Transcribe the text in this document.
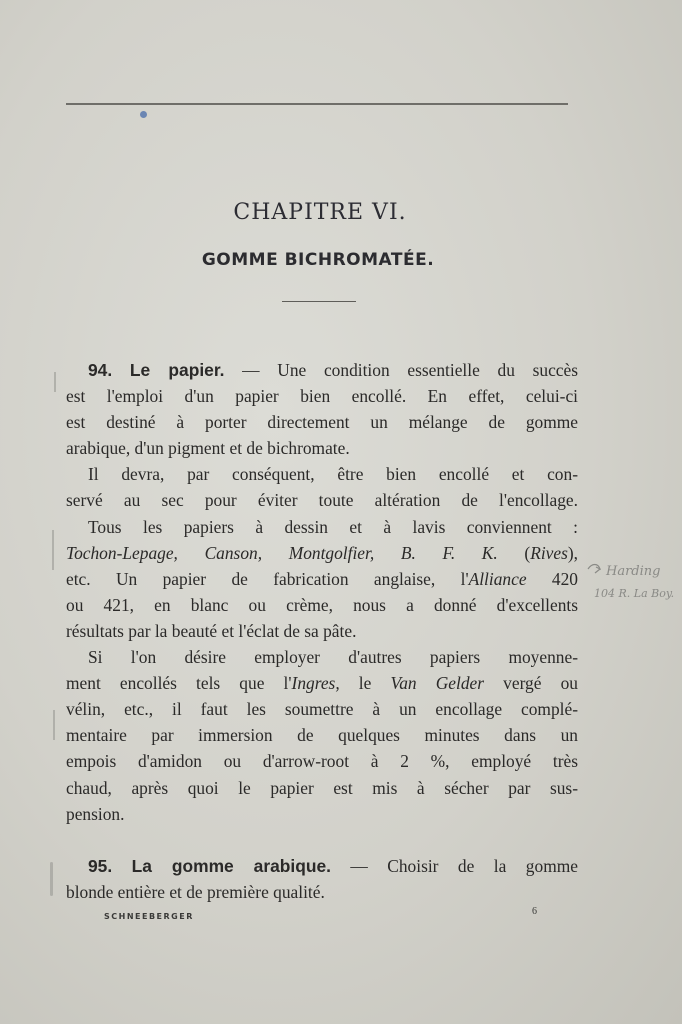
CHAPITRE VI.
GOMME BICHROMATÉE.
94. Le papier. — Une condition essentielle du succès
est l'emploi d'un papier bien encollé. En effet, celui-ci
est destiné à porter directement un mélange de gomme
arabique, d'un pigment et de bichromate.
Il devra, par conséquent, être bien encollé et con-
servé au sec pour éviter toute altération de l'encollage.
Tous les papiers à dessin et à lavis conviennent :
Tochon-Lepage, Canson, Montgolfier, B. F. K. (Rives),
etc. Un papier de fabrication anglaise, l'Alliance 420
ou 421, en blanc ou crème, nous a donné d'excellents
résultats par la beauté et l'éclat de sa pâte.
Si l'on désire employer d'autres papiers moyenne-
ment encollés tels que l'Ingres, le Van Gelder vergé ou
vélin, etc., il faut les soumettre à un encollage complé-
mentaire par immersion de quelques minutes dans un
empois d'amidon ou d'arrow-root à 2 %, employé très
chaud, après quoi le papier est mis à sécher par sus-
pension.
95. La gomme arabique. — Choisir de la gomme
blonde entière et de première qualité.
Harding
104 R. La Boy.
SCHNEEBERGER	6
